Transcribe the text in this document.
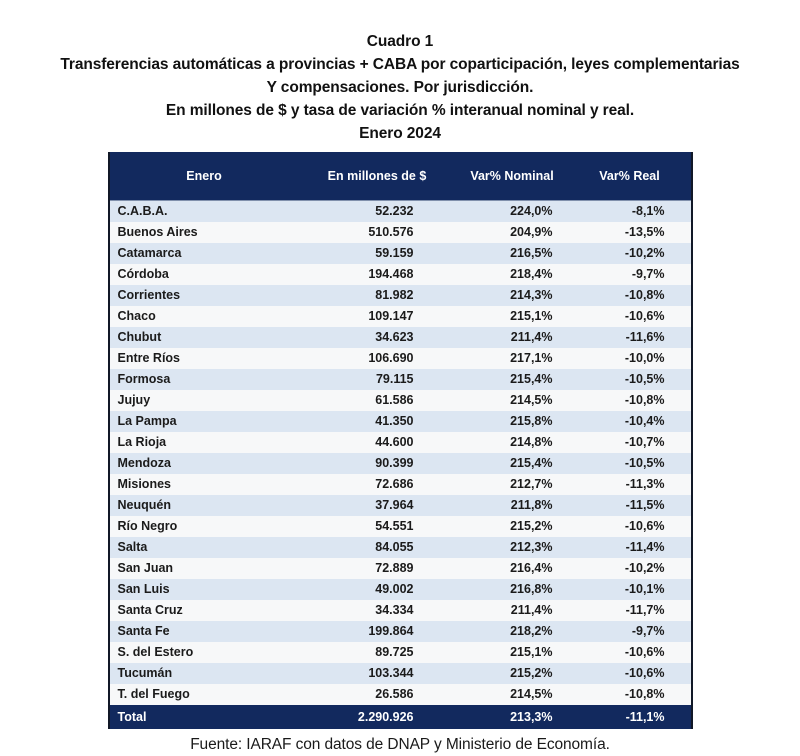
Cuadro 1
Transferencias automáticas a provincias + CABA por coparticipación, leyes complementarias
Y compensaciones. Por jurisdicción.
En millones de $ y tasa de variación % interanual nominal y real.
Enero 2024
Enero	En millones de $	Var% Nominal	Var% Real
C.A.B.A.	52.232	224,0%	-8,1%
Buenos Aires	510.576	204,9%	-13,5%
Catamarca	59.159	216,5%	-10,2%
Córdoba	194.468	218,4%	-9,7%
Corrientes	81.982	214,3%	-10,8%
Chaco	109.147	215,1%	-10,6%
Chubut	34.623	211,4%	-11,6%
Entre Ríos	106.690	217,1%	-10,0%
Formosa	79.115	215,4%	-10,5%
Jujuy	61.586	214,5%	-10,8%
La Pampa	41.350	215,8%	-10,4%
La Rioja	44.600	214,8%	-10,7%
Mendoza	90.399	215,4%	-10,5%
Misiones	72.686	212,7%	-11,3%
Neuquén	37.964	211,8%	-11,5%
Río Negro	54.551	215,2%	-10,6%
Salta	84.055	212,3%	-11,4%
San Juan	72.889	216,4%	-10,2%
San Luis	49.002	216,8%	-10,1%
Santa Cruz	34.334	211,4%	-11,7%
Santa Fe	199.864	218,2%	-9,7%
S. del Estero	89.725	215,1%	-10,6%
Tucumán	103.344	215,2%	-10,6%
T. del Fuego	26.586	214,5%	-10,8%
Total	2.290.926	213,3%	-11,1%
Fuente: IARAF con datos de DNAP y Ministerio de Economía.
